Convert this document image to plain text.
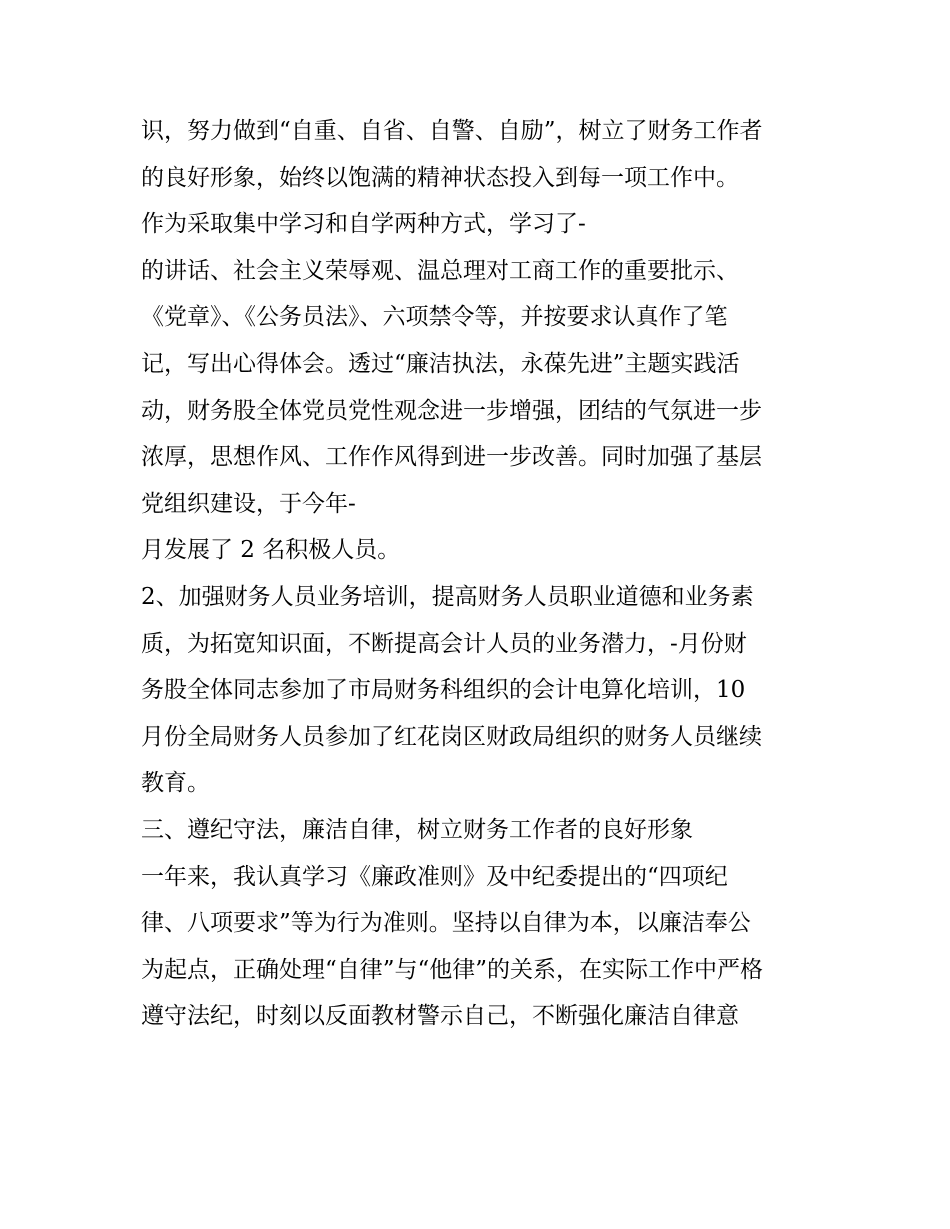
识，努力做到“自重、自省、自警、自励”，树立了财务工作者
的良好形象，始终以饱满的精神状态投入到每一项工作中。
作为采取集中学习和自学两种方式，学习了-
的讲话、社会主义荣辱观、温总理对工商工作的重要批示、
《党章》、《公务员法》、六项禁令等，并按要求认真作了笔
记，写出心得体会。透过“廉洁执法，永葆先进”主题实践活
动，财务股全体党员党性观念进一步增强，团结的气氛进一步
浓厚，思想作风、工作作风得到进一步改善。同时加强了基层
党组织建设，于今年-
月发展了 2 名积极人员。
2、加强财务人员业务培训，提高财务人员职业道德和业务素
质，为拓宽知识面，不断提高会计人员的业务潜力，-月份财
务股全体同志参加了市局财务科组织的会计电算化培训，10
月份全局财务人员参加了红花岗区财政局组织的财务人员继续
教育。
三、遵纪守法，廉洁自律，树立财务工作者的良好形象
一年来，我认真学习《廉政准则》及中纪委提出的“四项纪
律、八项要求”等为行为准则。坚持以自律为本，以廉洁奉公
为起点，正确处理“自律”与“他律”的关系，在实际工作中严格
遵守法纪，时刻以反面教材警示自己，不断强化廉洁自律意
